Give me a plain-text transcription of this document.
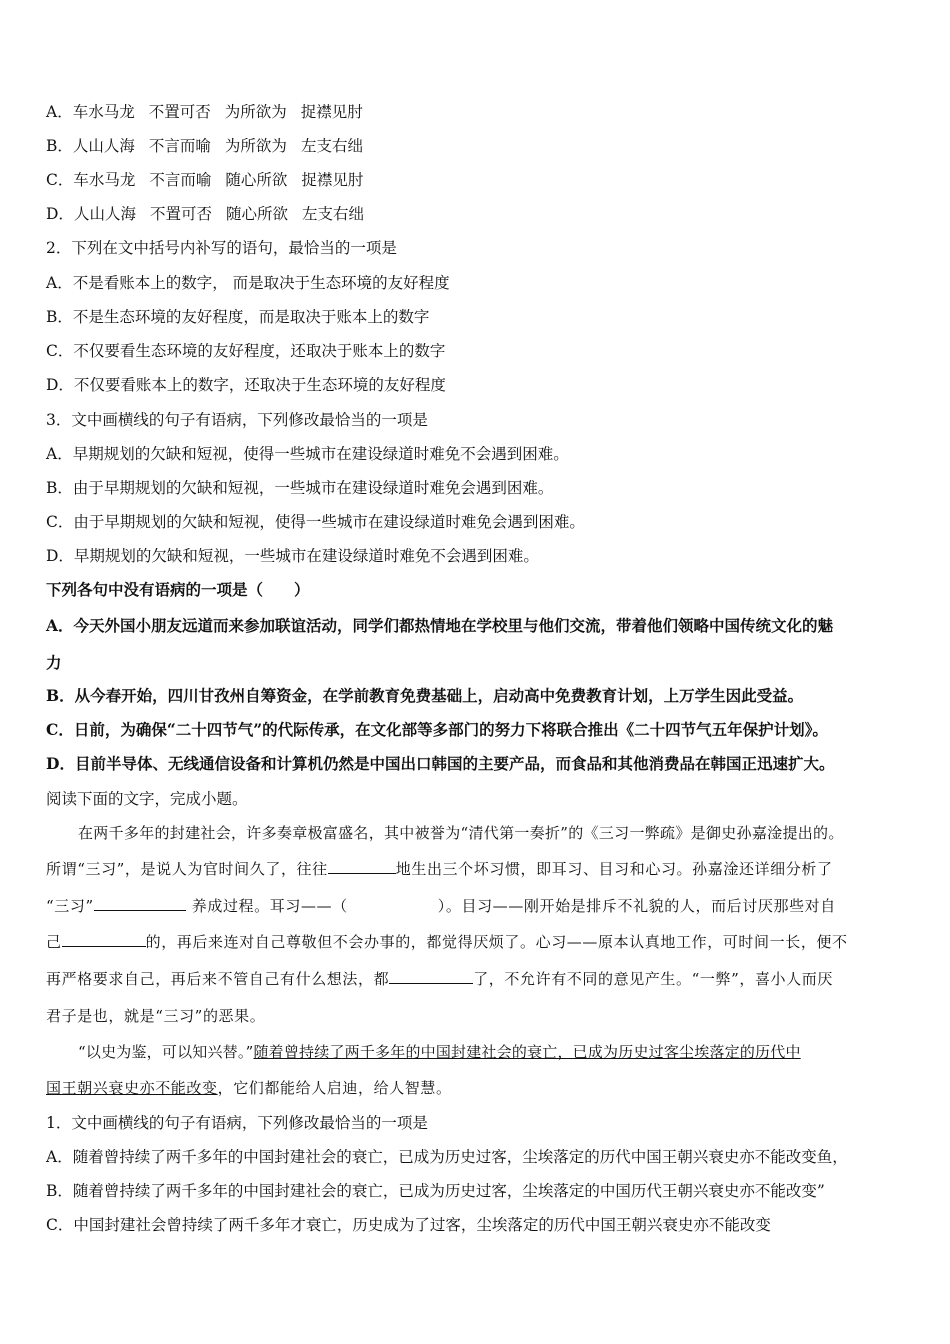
A．车水马龙 不置可否 为所欲为 捉襟见肘
B．人山人海 不言而喻 为所欲为 左支右绌
C．车水马龙 不言而喻 随心所欲 捉襟见肘
D．人山人海 不置可否 随心所欲 左支右绌
2．下列在文中括号内补写的语句，最恰当的一项是
A．不是看账本上的数字， 而是取决于生态环境的友好程度
B．不是生态环境的友好程度，而是取决于账本上的数字
C．不仅要看生态环境的友好程度，还取决于账本上的数字
D．不仅要看账本上的数字，还取决于生态环境的友好程度
3．文中画横线的句子有语病，下列修改最恰当的一项是
A．早期规划的欠缺和短视，使得一些城市在建设绿道时难免不会遇到困难。
B．由于早期规划的欠缺和短视，一些城市在建设绿道时难免会遇到困难。
C．由于早期规划的欠缺和短视，使得一些城市在建设绿道时难免会遇到困难。
D．早期规划的欠缺和短视，一些城市在建设绿道时难免不会遇到困难。
下列各句中没有语病的一项是（　　）
A．今天外国小朋友远道而来参加联谊活动，同学们都热情地在学校里与他们交流，带着他们领略中国传统文化的魅
力
B．从今春开始，四川甘孜州自筹资金，在学前教育免费基础上，启动高中免费教育计划，上万学生因此受益。
C．日前，为确保“二十四节气”的代际传承，在文化部等多部门的努力下将联合推出《二十四节气五年保护计划》。
D．目前半导体、无线通信设备和计算机仍然是中国出口韩国的主要产品，而食品和其他消费品在韩国正迅速扩大。
阅读下面的文字，完成小题。
在两千多年的封建社会，许多奏章极富盛名，其中被誉为“清代第一奏折”的《三习一弊疏》是御史孙嘉淦提出的。
所谓“三习”，是说人为官时间久了，往往	地生出三个坏习惯，即耳习、目习和心习。孙嘉淦还详细分析了
“三习”	养成过程。耳习——（	）。目习——刚开始是排斥不礼貌的人，而后讨厌那些对自
己	的，再后来连对自己尊敬但不会办事的，都觉得厌烦了。心习——原本认真地工作，可时间一长，便不
再严格要求自己，再后来不管自己有什么想法，都	了，不允许有不同的意见产生。“一弊”，喜小人而厌
君子是也，就是“三习”的恶果。
“以史为鉴，可以知兴替。”随着曾持续了两千多年的中国封建社会的衰亡，已成为历史过客尘埃落定的历代中
国王朝兴衰史亦不能改变，它们都能给人启迪，给人智慧。
1．文中画横线的句子有语病，下列修改最恰当的一项是
A．随着曾持续了两千多年的中国封建社会的衰亡，已成为历史过客，尘埃落定的历代中国王朝兴衰史亦不能改变鱼，
B．随着曾持续了两千多年的中国封建社会的衰亡，已成为历史过客，尘埃落定的中国历代王朝兴衰史亦不能改变”
C．中国封建社会曾持续了两千多年才衰亡，历史成为了过客，尘埃落定的历代中国王朝兴衰史亦不能改变
